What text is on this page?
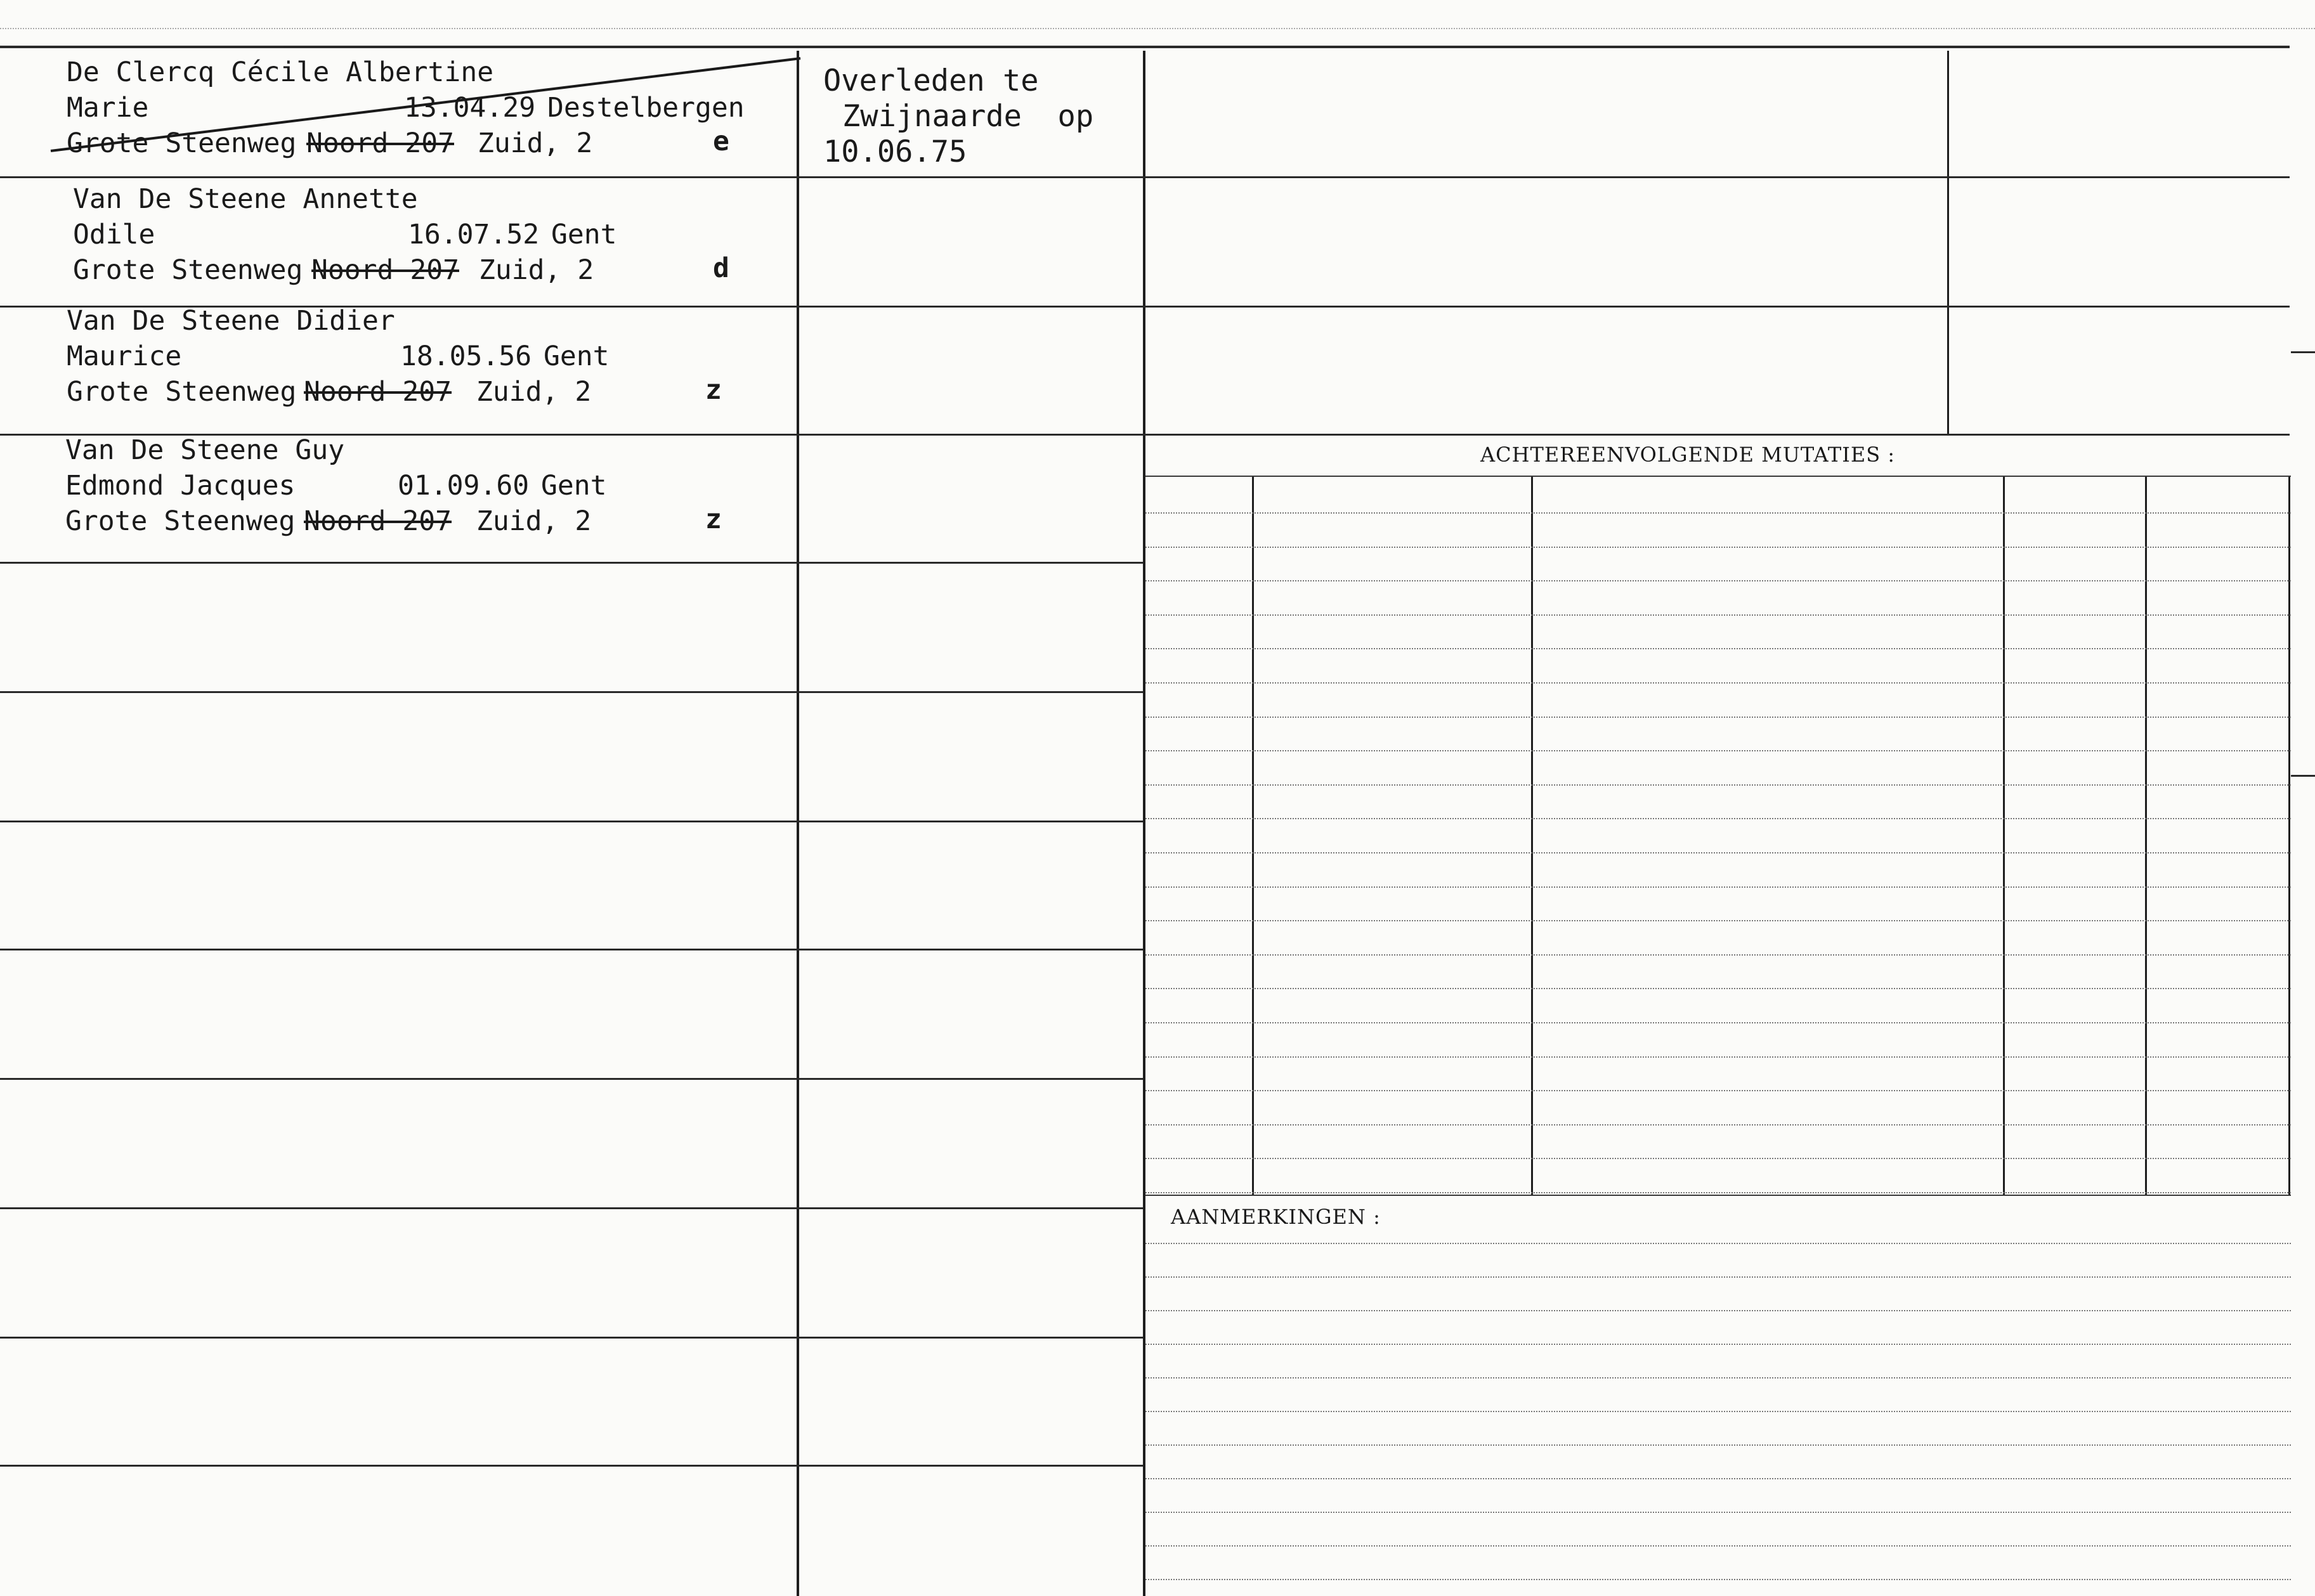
De Clercq Cécile Albertine
Marie	13.04.29 Destelbergen
Grote Steenweg Noord 207 Zuid, 2	e
Van De Steene Annette
Odile	16.07.52 Gent
Grote Steenweg Noord 207 Zuid, 2	d
Van De Steene Didier
Maurice	18.05.56 Gent
Grote Steenweg Noord 207 Zuid, 2	z
Van De Steene Guy
Edmond Jacques	01.09.60 Gent
Grote Steenweg Noord 207 Zuid, 2	z
Overleden te
Zwijnaarde  op
10.06.75
ACHTEREENVOLGENDE MUTATIES :
AANMERKINGEN :
